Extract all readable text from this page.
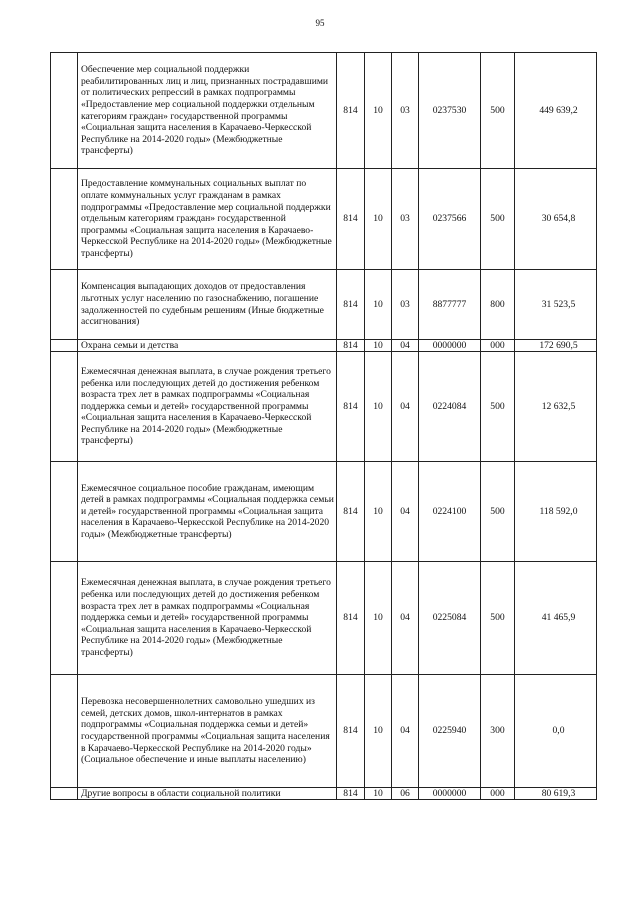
95
	Обеспечение мер социальной поддержки реабилитированных лиц и лиц, признанных пострадавшими от политических репрессий в рамках подпрограммы «Предоставление мер социальной поддержки отдельным категориям граждан» государственной программы «Социальная защита населения в Карачаево-Черкесской Республике на 2014-2020 годы» (Межбюджетные трансферты)	814	10	03	0237530	500	449 639,2
	Предоставление коммунальных социальных выплат по оплате коммунальных услуг гражданам в рамках подпрограммы «Предоставление мер социальной поддержки отдельным категориям граждан» государственной программы «Социальная защита населения в Карачаево-Черкесской Республике на 2014-2020 годы» (Межбюджетные трансферты)	814	10	03	0237566	500	30 654,8
	Компенсация выпадающих доходов от предоставления льготных услуг населению по газоснабжению, погашение задолженностей по судебным решениям (Иные бюджетные ассигнования)	814	10	03	8877777	800	31 523,5
	Охрана семьи и детства	814	10	04	0000000	000	172 690,5
	Ежемесячная денежная выплата, в случае рождения третьего ребенка или последующих детей до достижения ребенком возраста трех лет в рамках подпрограммы «Социальная поддержка семьи и детей» государственной программы «Социальная защита населения в Карачаево-Черкесской Республике на 2014-2020 годы» (Межбюджетные трансферты)	814	10	04	0224084	500	12 632,5
	Ежемесячное социальное пособие гражданам, имеющим детей в рамках подпрограммы «Социальная поддержка семьи и детей» государственной программы «Социальная защита населения в Карачаево-Черкесской Республике на 2014-2020 годы» (Межбюджетные трансферты)	814	10	04	0224100	500	118 592,0
	Ежемесячная денежная выплата, в случае рождения третьего ребенка или последующих детей до достижения ребенком возраста трех лет в рамках подпрограммы «Социальная поддержка семьи и детей» государственной программы «Социальная защита населения в Карачаево-Черкесской Республике на 2014-2020 годы» (Межбюджетные трансферты)	814	10	04	0225084	500	41 465,9
	Перевозка несовершеннолетних самовольно ушедших из семей, детских домов, школ-интернатов в рамках подпрограммы «Социальная поддержка семьи и детей» государственной программы «Социальная защита населения в Карачаево-Черкесской Республике на 2014-2020 годы» (Социальное обеспечение и иные выплаты населению)	814	10	04	0225940	300	0,0
	Другие вопросы в области социальной политики	814	10	06	0000000	000	80 619,3
